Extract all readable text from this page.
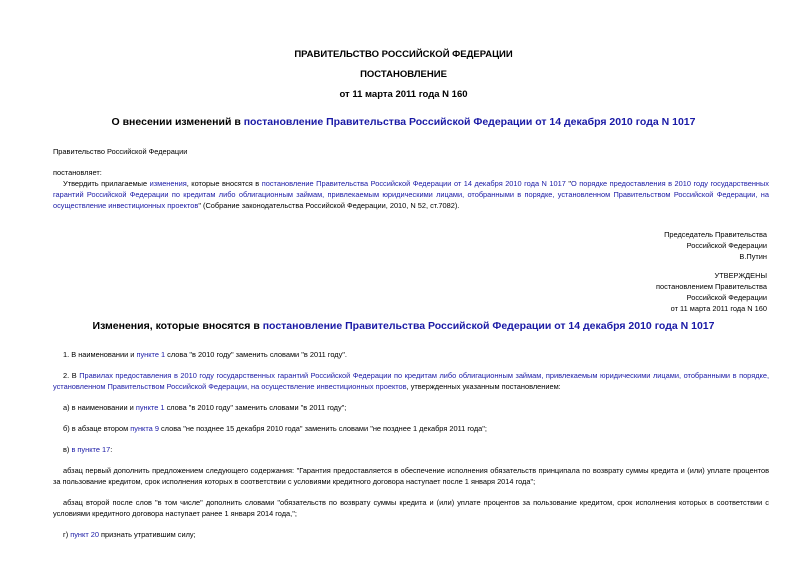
ПРАВИТЕЛЬСТВО РОССИЙСКОЙ ФЕДЕРАЦИИ
ПОСТАНОВЛЕНИЕ
от 11 марта 2011 года N 160
О внесении изменений в постановление Правительства Российской Федерации от 14 декабря 2010 года N 1017
Правительство Российской Федерации
постановляет:
Утвердить прилагаемые изменения, которые вносятся в постановление Правительства Российской Федерации от 14 декабря 2010 года N 1017 "О порядке предоставления в 2010 году государственных гарантий Российской Федерации по кредитам либо облигационным займам, привлекаемым юридическими лицами, отобранными в порядке, установленном Правительством Российской Федерации, на осуществление инвестиционных проектов" (Собрание законодательства Российской Федерации, 2010, N 52, ст.7082).
Председатель Правительства
Российской Федерации
В.Путин
УТВЕРЖДЕНЫ
постановлением Правительства
Российской Федерации
от 11 марта 2011 года N 160
Изменения, которые вносятся в постановление Правительства Российской Федерации от 14 декабря 2010 года N 1017
1. В наименовании и пункте 1 слова "в 2010 году" заменить словами "в 2011 году".
2. В Правилах предоставления в 2010 году государственных гарантий Российской Федерации по кредитам либо облигационным займам, привлекаемым юридическими лицами, отобранными в порядке, установленном Правительством Российской Федерации, на осуществление инвестиционных проектов, утвержденных указанным постановлением:
а) в наименовании и пункте 1 слова "в 2010 году" заменить словами "в 2011 году";
б) в абзаце втором пункта 9 слова "не позднее 15 декабря 2010 года" заменить словами "не позднее 1 декабря 2011 года";
в) в пункте 17:
абзац первый дополнить предложением следующего содержания: "Гарантия предоставляется в обеспечение исполнения обязательств принципала по возврату суммы кредита и (или) уплате процентов за пользование кредитом, срок исполнения которых в соответствии с условиями кредитного договора наступает после 1 января 2014 года";
абзац второй после слов "в том числе" дополнить словами "обязательств по возврату суммы кредита и (или) уплате процентов за пользование кредитом, срок исполнения которых в соответствии с условиями кредитного договора наступает ранее 1 января 2014 года,";
г) пункт 20 признать утратившим силу;
